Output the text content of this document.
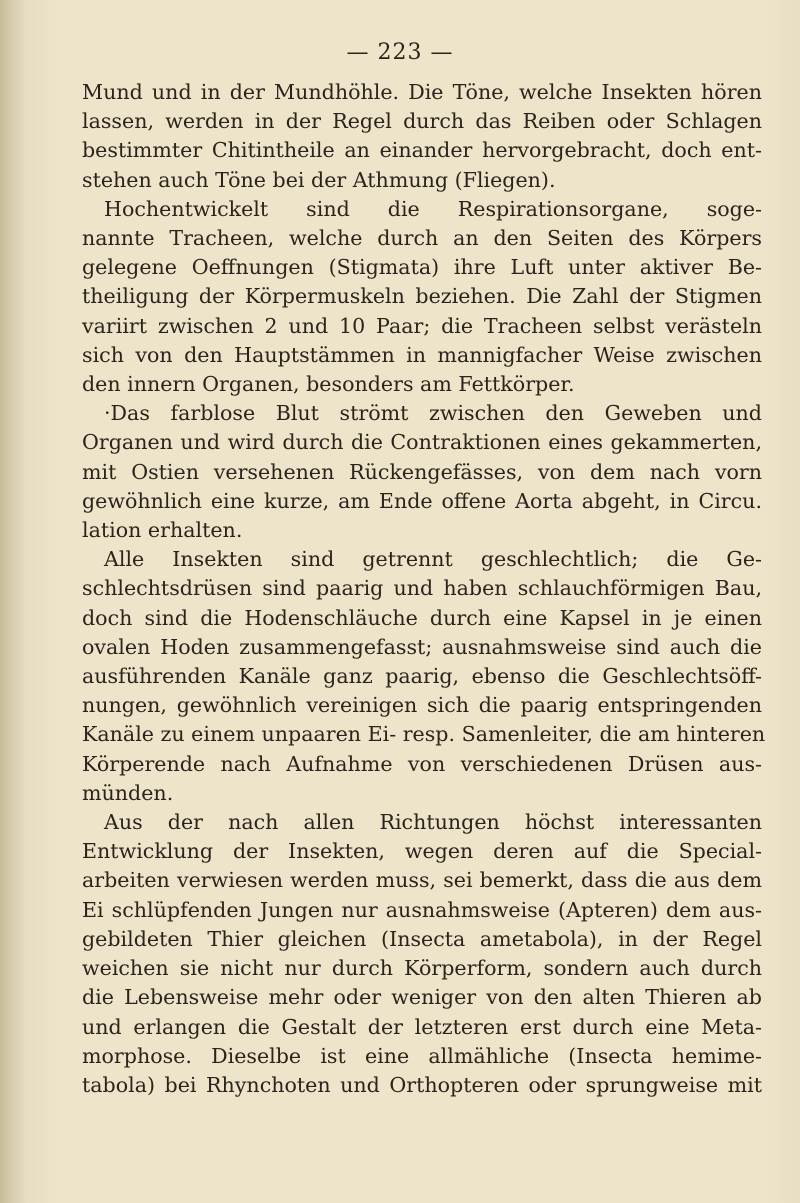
— 223 —
Mund und in der Mundhöhle. Die Töne, welche Insekten hören
lassen, werden in der Regel durch das Reiben oder Schlagen
bestimmter Chitintheile an einander hervorgebracht, doch ent-
stehen auch Töne bei der Athmung (Fliegen).
Hochentwickelt sind die Respirationsorgane, soge-
nannte Tracheen, welche durch an den Seiten des Körpers
gelegene Oeffnungen (Stigmata) ihre Luft unter aktiver Be-
theiligung der Körpermuskeln beziehen. Die Zahl der Stigmen
variirt zwischen 2 und 10 Paar; die Tracheen selbst verästeln
sich von den Hauptstämmen in mannigfacher Weise zwischen
den innern Organen, besonders am Fettkörper.
·Das farblose Blut strömt zwischen den Geweben und
Organen und wird durch die Contraktionen eines gekammerten,
mit Ostien versehenen Rückengefässes, von dem nach vorn
gewöhnlich eine kurze, am Ende offene Aorta abgeht, in Circu.
lation erhalten.
Alle Insekten sind getrennt geschlechtlich; die Ge-
schlechtsdrüsen sind paarig und haben schlauchförmigen Bau,
doch sind die Hodenschläuche durch eine Kapsel in je einen
ovalen Hoden zusammengefasst; ausnahmsweise sind auch die
ausführenden Kanäle ganz paarig, ebenso die Geschlechtsöff-
nungen, gewöhnlich vereinigen sich die paarig entspringenden
Kanäle zu einem unpaaren Ei- resp. Samenleiter, die am hinteren
Körperende nach Aufnahme von verschiedenen Drüsen aus-
münden.
Aus der nach allen Richtungen höchst interessanten
Entwicklung der Insekten, wegen deren auf die Special-
arbeiten verwiesen werden muss, sei bemerkt, dass die aus dem
Ei schlüpfenden Jungen nur ausnahmsweise (Apteren) dem aus-
gebildeten Thier gleichen (Insecta ametabola), in der Regel
weichen sie nicht nur durch Körperform, sondern auch durch
die Lebensweise mehr oder weniger von den alten Thieren ab
und erlangen die Gestalt der letzteren erst durch eine Meta-
morphose. Dieselbe ist eine allmähliche (Insecta hemime-
tabola) bei Rhynchoten und Orthopteren oder sprungweise mit
